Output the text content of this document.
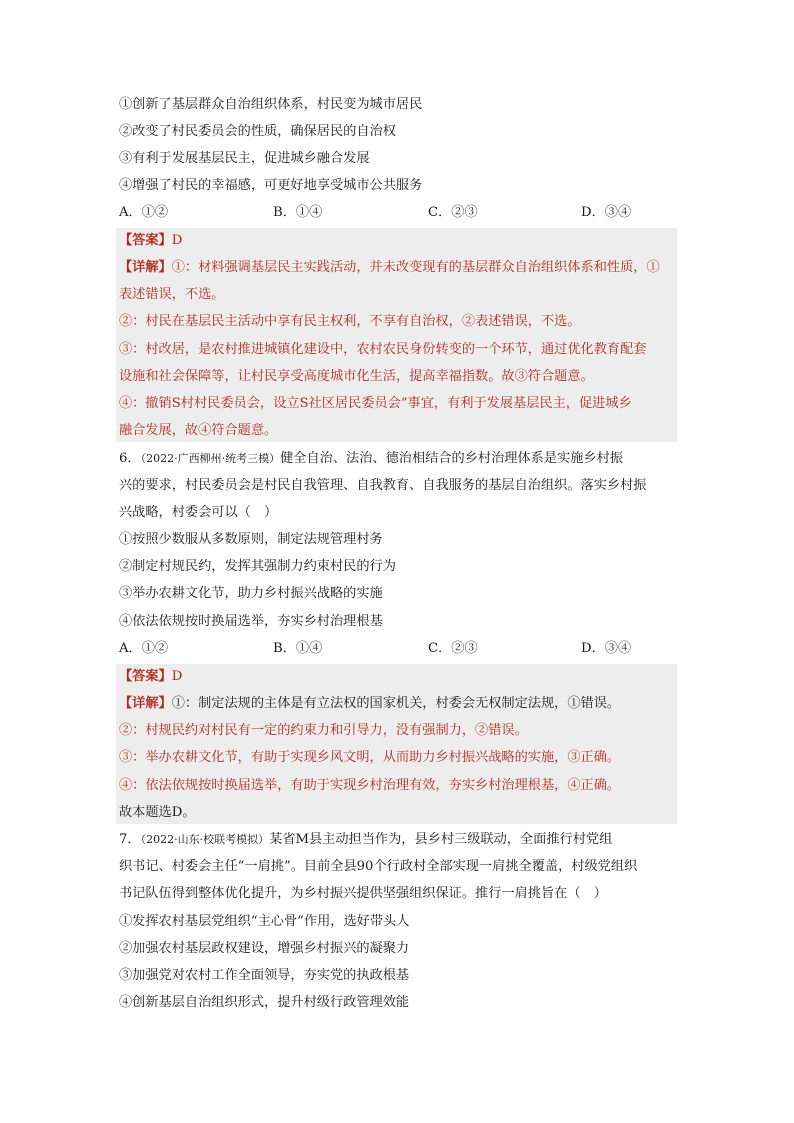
①创新了基层群众自治组织体系，村民变为城市居民
②改变了村民委员会的性质，确保居民的自治权
③有利于发展基层民主，促进城乡融合发展
④增强了村民的幸福感，可更好地享受城市公共服务
A．①②	B．①④	C．②③	D．③④
【答案】D
【详解】①：材料强调基层民主实践活动，并未改变现有的基层群众自治组织体系和性质，①
表述错误，不选。
②：村民在基层民主活动中享有民主权利，不享有自治权，②表述错误，不选。
③：村改居，是农村推进城镇化建设中，农村农民身份转变的一个环节，通过优化教育配套
设施和社会保障等，让村民享受高度城市化生活，提高幸福指数。故③符合题意。
④：撤销S村村民委员会，设立S社区居民委员会”事宜，有利于发展基层民主，促进城乡
融合发展，故④符合题意。
6．（2022·广西柳州·统考三模）健全自治、法治、德治相结合的乡村治理体系是实施乡村振
兴的要求，村民委员会是村民自我管理、自我教育、自我服务的基层自治组织。落实乡村振
兴战略，村委会可以（　）
①按照少数服从多数原则，制定法规管理村务
②制定村规民约，发挥其强制力约束村民的行为
③举办农耕文化节，助力乡村振兴战略的实施
④依法依规按时换届选举，夯实乡村治理根基
A．①②	B．①④	C．②③	D．③④
【答案】D
【详解】①：制定法规的主体是有立法权的国家机关，村委会无权制定法规，①错误。
②：村规民约对村民有一定的约束力和引导力，没有强制力，②错误。
③：举办农耕文化节，有助于实现乡风文明，从而助力乡村振兴战略的实施，③正确。
④：依法依规按时换届选举，有助于实现乡村治理有效，夯实乡村治理根基，④正确。
故本题选D。
7．（2022·山东·校联考模拟）某省M县主动担当作为，县乡村三级联动，全面推行村党组
织书记、村委会主任“一肩挑”。目前全县90个行政村全部实现一肩挑全覆盖，村级党组织
书记队伍得到整体优化提升，为乡村振兴提供坚强组织保证。推行一肩挑旨在（　）
①发挥农村基层党组织“主心骨”作用，选好带头人
②加强农村基层政权建设，增强乡村振兴的凝聚力
③加强党对农村工作全面领导，夯实党的执政根基
④创新基层自治组织形式，提升村级行政管理效能
